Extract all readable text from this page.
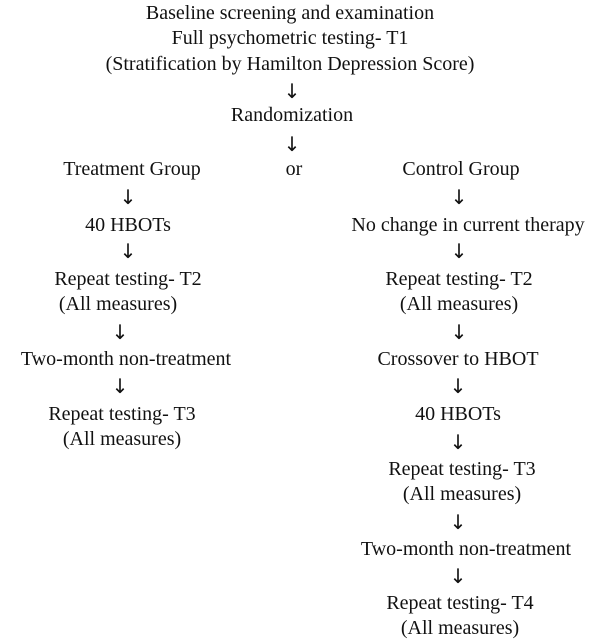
Baseline screening and examination
Full psychometric testing- T1
(Stratification by Hamilton Depression Score)
↓
Randomization
↓
or
Treatment Group
↓
40 HBOTs
↓
Repeat testing- T2
(All measures)
↓
Two-month non-treatment
↓
Repeat testing- T3
(All measures)
Control Group
↓
No change in current therapy
↓
Repeat testing- T2
(All measures)
↓
Crossover to HBOT
↓
40 HBOTs
↓
Repeat testing- T3
(All measures)
↓
Two-month non-treatment
↓
Repeat testing- T4
(All measures)
